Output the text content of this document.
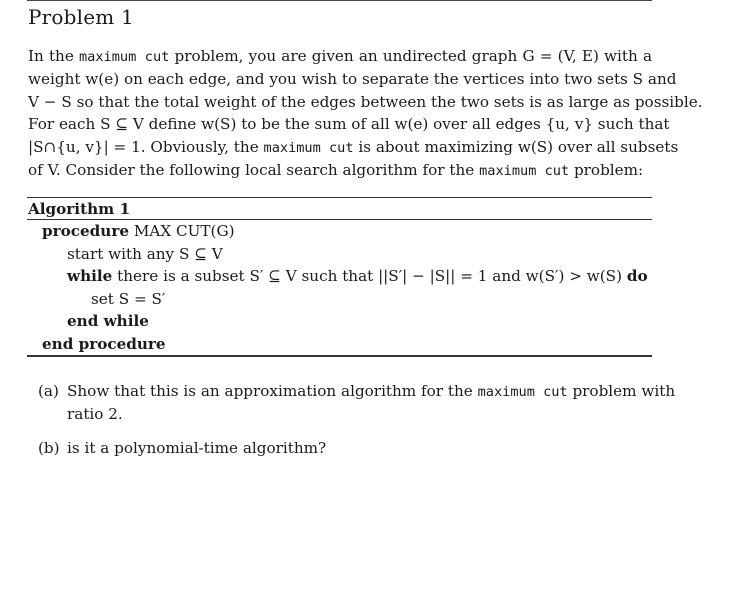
Problem 1

In the maximum cut problem, you are given an undirected graph G = (V, E) with a
weight w(e) on each edge, and you wish to separate the vertices into two sets S and
V − S so that the total weight of the edges between the two sets is as large as possible.
For each S ⊆ V define w(S) to be the sum of all w(e) over all edges {u, v} such that
|S∩{u, v}| = 1. Obviously, the maximum cut is about maximizing w(S) over all subsets
of V. Consider the following local search algorithm for the maximum cut problem:

Algorithm 1
procedure MAX CUT(G)
start with any S ⊆ V
while there is a subset S′ ⊆ V such that ||S′| − |S|| = 1 and w(S′) > w(S) do
set S = S′
end while
end procedure
(a) Show that this is an approximation algorithm for the maximum cut problem with
ratio 2.
(b) is it a polynomial-time algorithm?
